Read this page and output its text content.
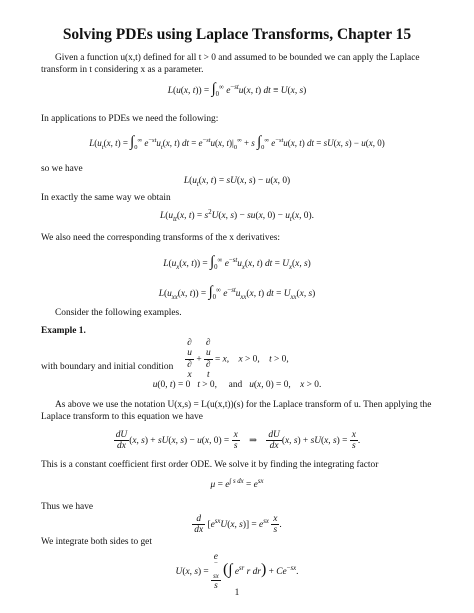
Solving PDEs using Laplace Transforms, Chapter 15
Given a function u(x,t) defined for all t > 0 and assumed to be bounded we can apply the Laplace transform in t considering x as a parameter.
L(u(x, $t)) = \int_0^\infty$ $e^{-st}u(x$, t) dt ≡ U(x, s)
In applications to PDEs we need the following:
$L(u_t(x$, $t) = \int_0^\infty$ $e^{-st}u_t(x$, t) dt = $e^{-st}u(x$, $t)|_0^\infty + s$ $\int_0^\infty$ $e^{-st}u(x$, t) dt = sU(x, s) − u(x, 0)
so we have
$L(u_t(x$, t) = sU(x, s) − u(x, 0)
In exactly the same way we obtain
$L(u_{tt}(x$, $t) = s^2U(x$, s) − su(x, $0) - u_t(x$, 0).
We also need the corresponding transforms of the x derivatives:
$L(u_x(x$, $t)) = \int_0^\infty$ $e^{-st}u_x(x$, t) dt = $U_x(x$, s)
$L(u_{xx}(x$, $t)) = \int_0^\infty$ $e^{-st}u_{xx}(x$, t) dt = $U_{xx}(x$, s)
Consider the following examples.
Example 1.
∂
u
∂
x + ∂
u
∂
t = x,    x > 0,    t > 0,
with boundary and initial condition
u(0, t) = 0   t > 0,     and   u(x, 0) = 0,    x > 0.
As above we use the notation U(x,s) = L(u(x,t))(s) for the Laplace transform of u. Then applying the Laplace transform to this equation we have
$\frac{dU}{dx} (x$, s) + sU(x, s) − u(x, $0) = \frac{x}{s}$ ⇒ $\frac{dU}{dx} (x$, s) + sU(x, $s) = \frac{x}{s}$ .
This is a constant coefficient first order ODE. We solve it by finding the integrating factor
$\mu = e^{\int s dx} = e^{sx}$
Thus we have
$\frac{d}{dx} [e^{sx}U(x$, $s)] = e^{sx} \frac{x}{s}$ .
We integrate both sides to get
U(x, s) = e
$^{- sx}$
s (∫ $e^{sr}$ r $dr) + Ce^{-sx}$.
1
